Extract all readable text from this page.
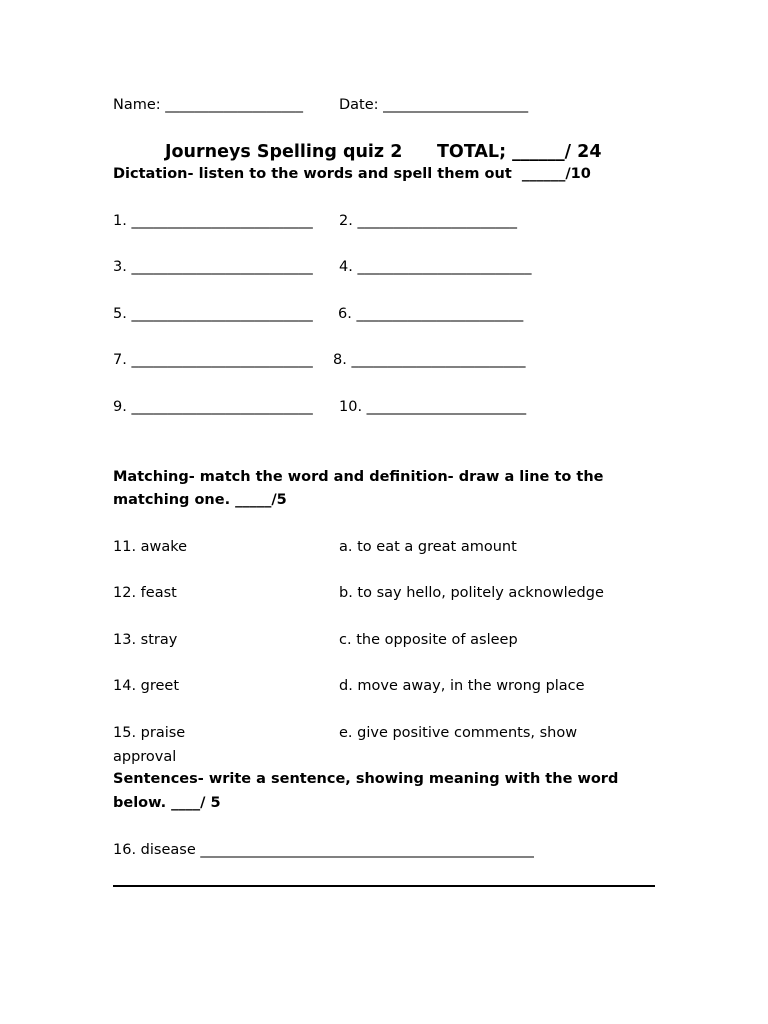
Name: ___________________ Date: ____________________
Journeys Spelling quiz 2 TOTAL; ______/ 24
Dictation- listen to the words and spell them out  ______/10
1. _________________________ 2. ______________________
3. _________________________ 4. ________________________
5. _________________________ 6. _______________________
7. _________________________ 8. ________________________
9. _________________________ 10. ______________________
Matching- match the word and definition- draw a line to the
matching one. _____/5
11. awake	a. to eat a great amount
12. feast	b. to say hello, politely acknowledge
13. stray	c. the opposite of asleep
14. greet	d. move away, in the wrong place
15. praise	e. give positive comments, show
approval
Sentences- write a sentence, showing meaning with the word
below. ____/ 5
16. disease ______________________________________________
